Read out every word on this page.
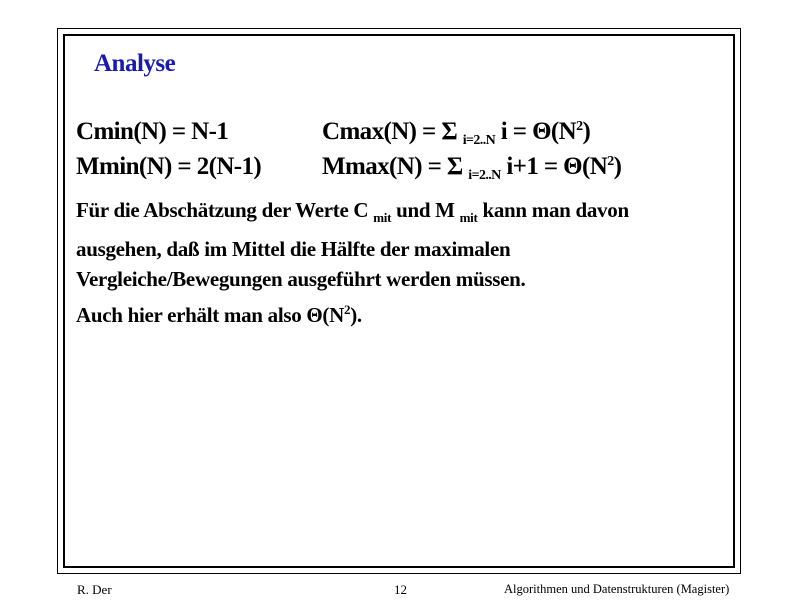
Analyse
Cmin(N) = N-1
Mmin(N) = 2(N-1)
Cmax(N) = Σ $_{i=2..N}$ $i = \Theta(N^2)$
Mmax(N) = Σ $_{i=2..N}$ $i+1 = \Theta(N^2)$
Für die Abschätzung der Werte C $_{mit}$ und M $_{mit}$ kann man davon
ausgehen, daß im Mittel die Hälfte der maximalen
Vergleiche/Bewegungen ausgeführt werden müssen.
Auch hier erhält man also $\Theta(N^2)$.
R. Der	12	Algorithmen und Datenstrukturen (Magister)
